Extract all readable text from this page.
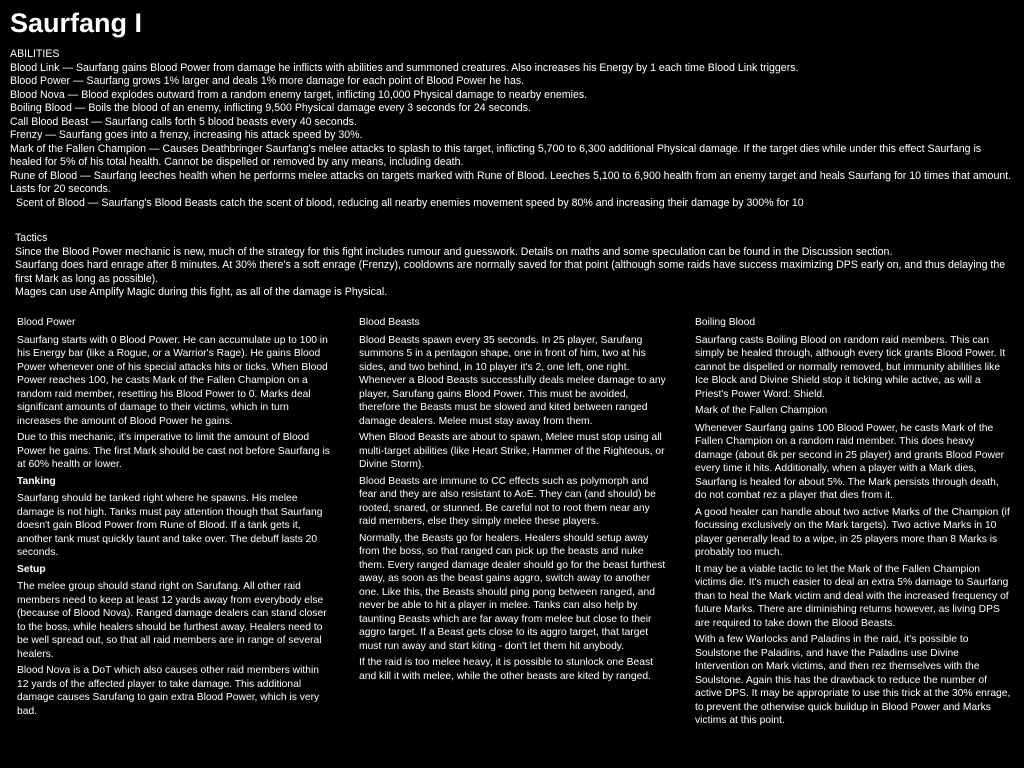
Saurfang I
ABILITIES
Blood Link — Saurfang gains Blood Power from damage he inflicts with abilities and summoned creatures. Also increases his Energy by 1 each time Blood Link triggers.
Blood Power — Saurfang grows 1% larger and deals 1% more damage for each point of Blood Power he has.
Blood Nova — Blood explodes outward from a random enemy target, inflicting 10,000 Physical damage to nearby enemies.
Boiling Blood — Boils the blood of an enemy, inflicting 9,500 Physical damage every 3 seconds for 24 seconds.
Call Blood Beast — Saurfang calls forth 5 blood beasts every 40 seconds.
Frenzy — Saurfang goes into a frenzy, increasing his attack speed by 30%.
Mark of the Fallen Champion — Causes Deathbringer Saurfang's melee attacks to splash to this target, inflicting 5,700 to 6,300 additional Physical damage. If the target dies while under this effect Saurfang is healed for 5% of his total health. Cannot be dispelled or removed by any means, including death.
Rune of Blood — Saurfang leeches health when he performs melee attacks on targets marked with Rune of Blood. Leeches 5,100 to 6,900 health from an enemy target and heals Saurfang for 10 times that amount. Lasts for 20 seconds.
Scent of Blood — Saurfang's Blood Beasts catch the scent of blood, reducing all nearby enemies movement speed by 80% and increasing their damage by 300% for 10
Tactics
Since the Blood Power mechanic is new, much of the strategy for this fight includes rumour and guesswork. Details on maths and some speculation can be found in the Discussion section.
Saurfang does hard enrage after 8 minutes. At 30% there's a soft enrage (Frenzy), cooldowns are normally saved for that point (although some raids have success maximizing DPS early on, and thus delaying the first Mark as long as possible).
Mages can use Amplify Magic during this fight, as all of the damage is Physical.
Blood Power

Saurfang starts with 0 Blood Power. He can accumulate up to 100 in his Energy bar (like a Rogue, or a Warrior's Rage). He gains Blood Power whenever one of his special attacks hits or ticks. When Blood Power reaches 100, he casts Mark of the Fallen Champion on a random raid member, resetting his Blood Power to 0. Marks deal significant amounts of damage to their victims, which in turn increases the amount of Blood Power he gains.

Due to this mechanic, it's imperative to limit the amount of Blood Power he gains. The first Mark should be cast not before Saurfang is at 60% health or lower.

Tanking

Saurfang should be tanked right where he spawns. His melee damage is not high. Tanks must pay attention though that Saurfang doesn't gain Blood Power from Rune of Blood. If a tank gets it, another tank must quickly taunt and take over. The debuff lasts 20 seconds.

Setup

The melee group should stand right on Sarufang. All other raid members need to keep at least 12 yards away from everybody else (because of Blood Nova). Ranged damage dealers can stand closer to the boss, while healers should be furthest away. Healers need to be well spread out, so that all raid members are in range of several healers.

Blood Nova is a DoT which also causes other raid members within 12 yards of the affected player to take damage. This additional damage causes Sarufang to gain extra Blood Power, which is very bad.

Blood Beasts

Blood Beasts spawn every 35 seconds. In 25 player, Sarufang summons 5 in a pentagon shape, one in front of him, two at his sides, and two behind, in 10 player it's 2, one left, one right. Whenever a Blood Beasts successfully deals melee damage to any player, Sarufang gains Blood Power. This must be avoided, therefore the Beasts must be slowed and kited between ranged damage dealers. Melee must stay away from them.

When Blood Beasts are about to spawn, Melee must stop using all multi-target abilities (like Heart Strike, Hammer of the Righteous, or Divine Storm).

Blood Beasts are immune to CC effects such as polymorph and fear and they are also resistant to AoE. They can (and should) be rooted, snared, or stunned. Be careful not to root them near any raid members, else they simply melee these players.

Normally, the Beasts go for healers. Healers should setup away from the boss, so that ranged can pick up the beasts and nuke them. Every ranged damage dealer should go for the beast furthest away, as soon as the beast gains aggro, switch away to another one. Like this, the Beasts should ping pong between ranged, and never be able to hit a player in melee. Tanks can also help by taunting Beasts which are far away from melee but close to their aggro target. If a Beast gets close to its aggro target, that target must run away and start kiting - don't let them hit anybody.

If the raid is too melee heavy, it is possible to stunlock one Beast and kill it with melee, while the other beasts are kited by ranged.

Boiling Blood

Saurfang casts Boiling Blood on random raid members. This can simply be healed through, although every tick grants Blood Power. It cannot be dispelled or normally removed, but immunity abilities like Ice Block and Divine Shield stop it ticking while active, as will a Priest's Power Word: Shield.

Mark of the Fallen Champion

Whenever Saurfang gains 100 Blood Power, he casts Mark of the Fallen Champion on a random raid member. This does heavy damage (about 6k per second in 25 player) and grants Blood Power every time it hits. Additionally, when a player with a Mark dies, Saurfang is healed for about 5%. The Mark persists through death, do not combat rez a player that dies from it.

A good healer can handle about two active Marks of the Champion (if focussing exclusively on the Mark targets). Two active Marks in 10 player generally lead to a wipe, in 25 players more than 8 Marks is probably too much.

It may be a viable tactic to let the Mark of the Fallen Champion victims die. It's much easier to deal an extra 5% damage to Saurfang than to heal the Mark victim and deal with the increased frequency of future Marks. There are diminishing returns however, as living DPS are required to take down the Blood Beasts.

With a few Warlocks and Paladins in the raid, it's possible to Soulstone the Paladins, and have the Paladins use Divine Intervention on Mark victims, and then rez themselves with the Soulstone. Again this has the drawback to reduce the number of active DPS. It may be appropriate to use this trick at the 30% enrage, to prevent the otherwise quick buildup in Blood Power and Marks victims at this point.
